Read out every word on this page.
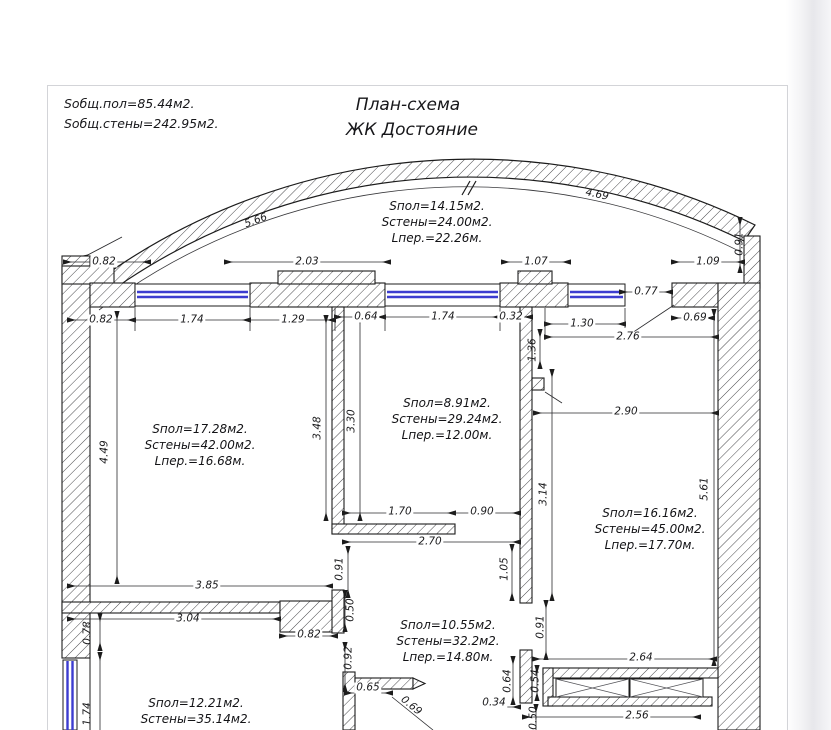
Sобщ.пол=85.44м2.
Sобщ.стены=242.95м2.
План-схема
ЖК Достояние
Sпол=14.15м2.
Sстены=24.00м2.
Lпер.=22.26м.
Sпол=17.28м2.
Sстены=42.00м2.
Lпер.=16.68м.
Sпол=8.91м2.
Sстены=29.24м2.
Lпер.=12.00м.
Sпол=16.16м2.
Sстены=45.00м2.
Lпер.=17.70м.
Sпол=10.55м2.
Sстены=32.2м2.
Lпер.=14.80м.
Sпол=12.21м2.
Sстены=35.14м2.
5.66
4.69
0.82	2.03	1.07	1.09
0.91
0.77
0.69
2.76
0.82	1.74	1.29	0.64	1.74	0.32
1.30
1.36
4.49
3.48 3.30	2.90
5.61
1.70	0.90
2.70
0.91	1.05
3.14
3.85
3.04
0.78	0.82
0.50
0.92
1.74
0.65
0.69	0.34
0.64 0.54
0.50
0.91
2.64
2.56
